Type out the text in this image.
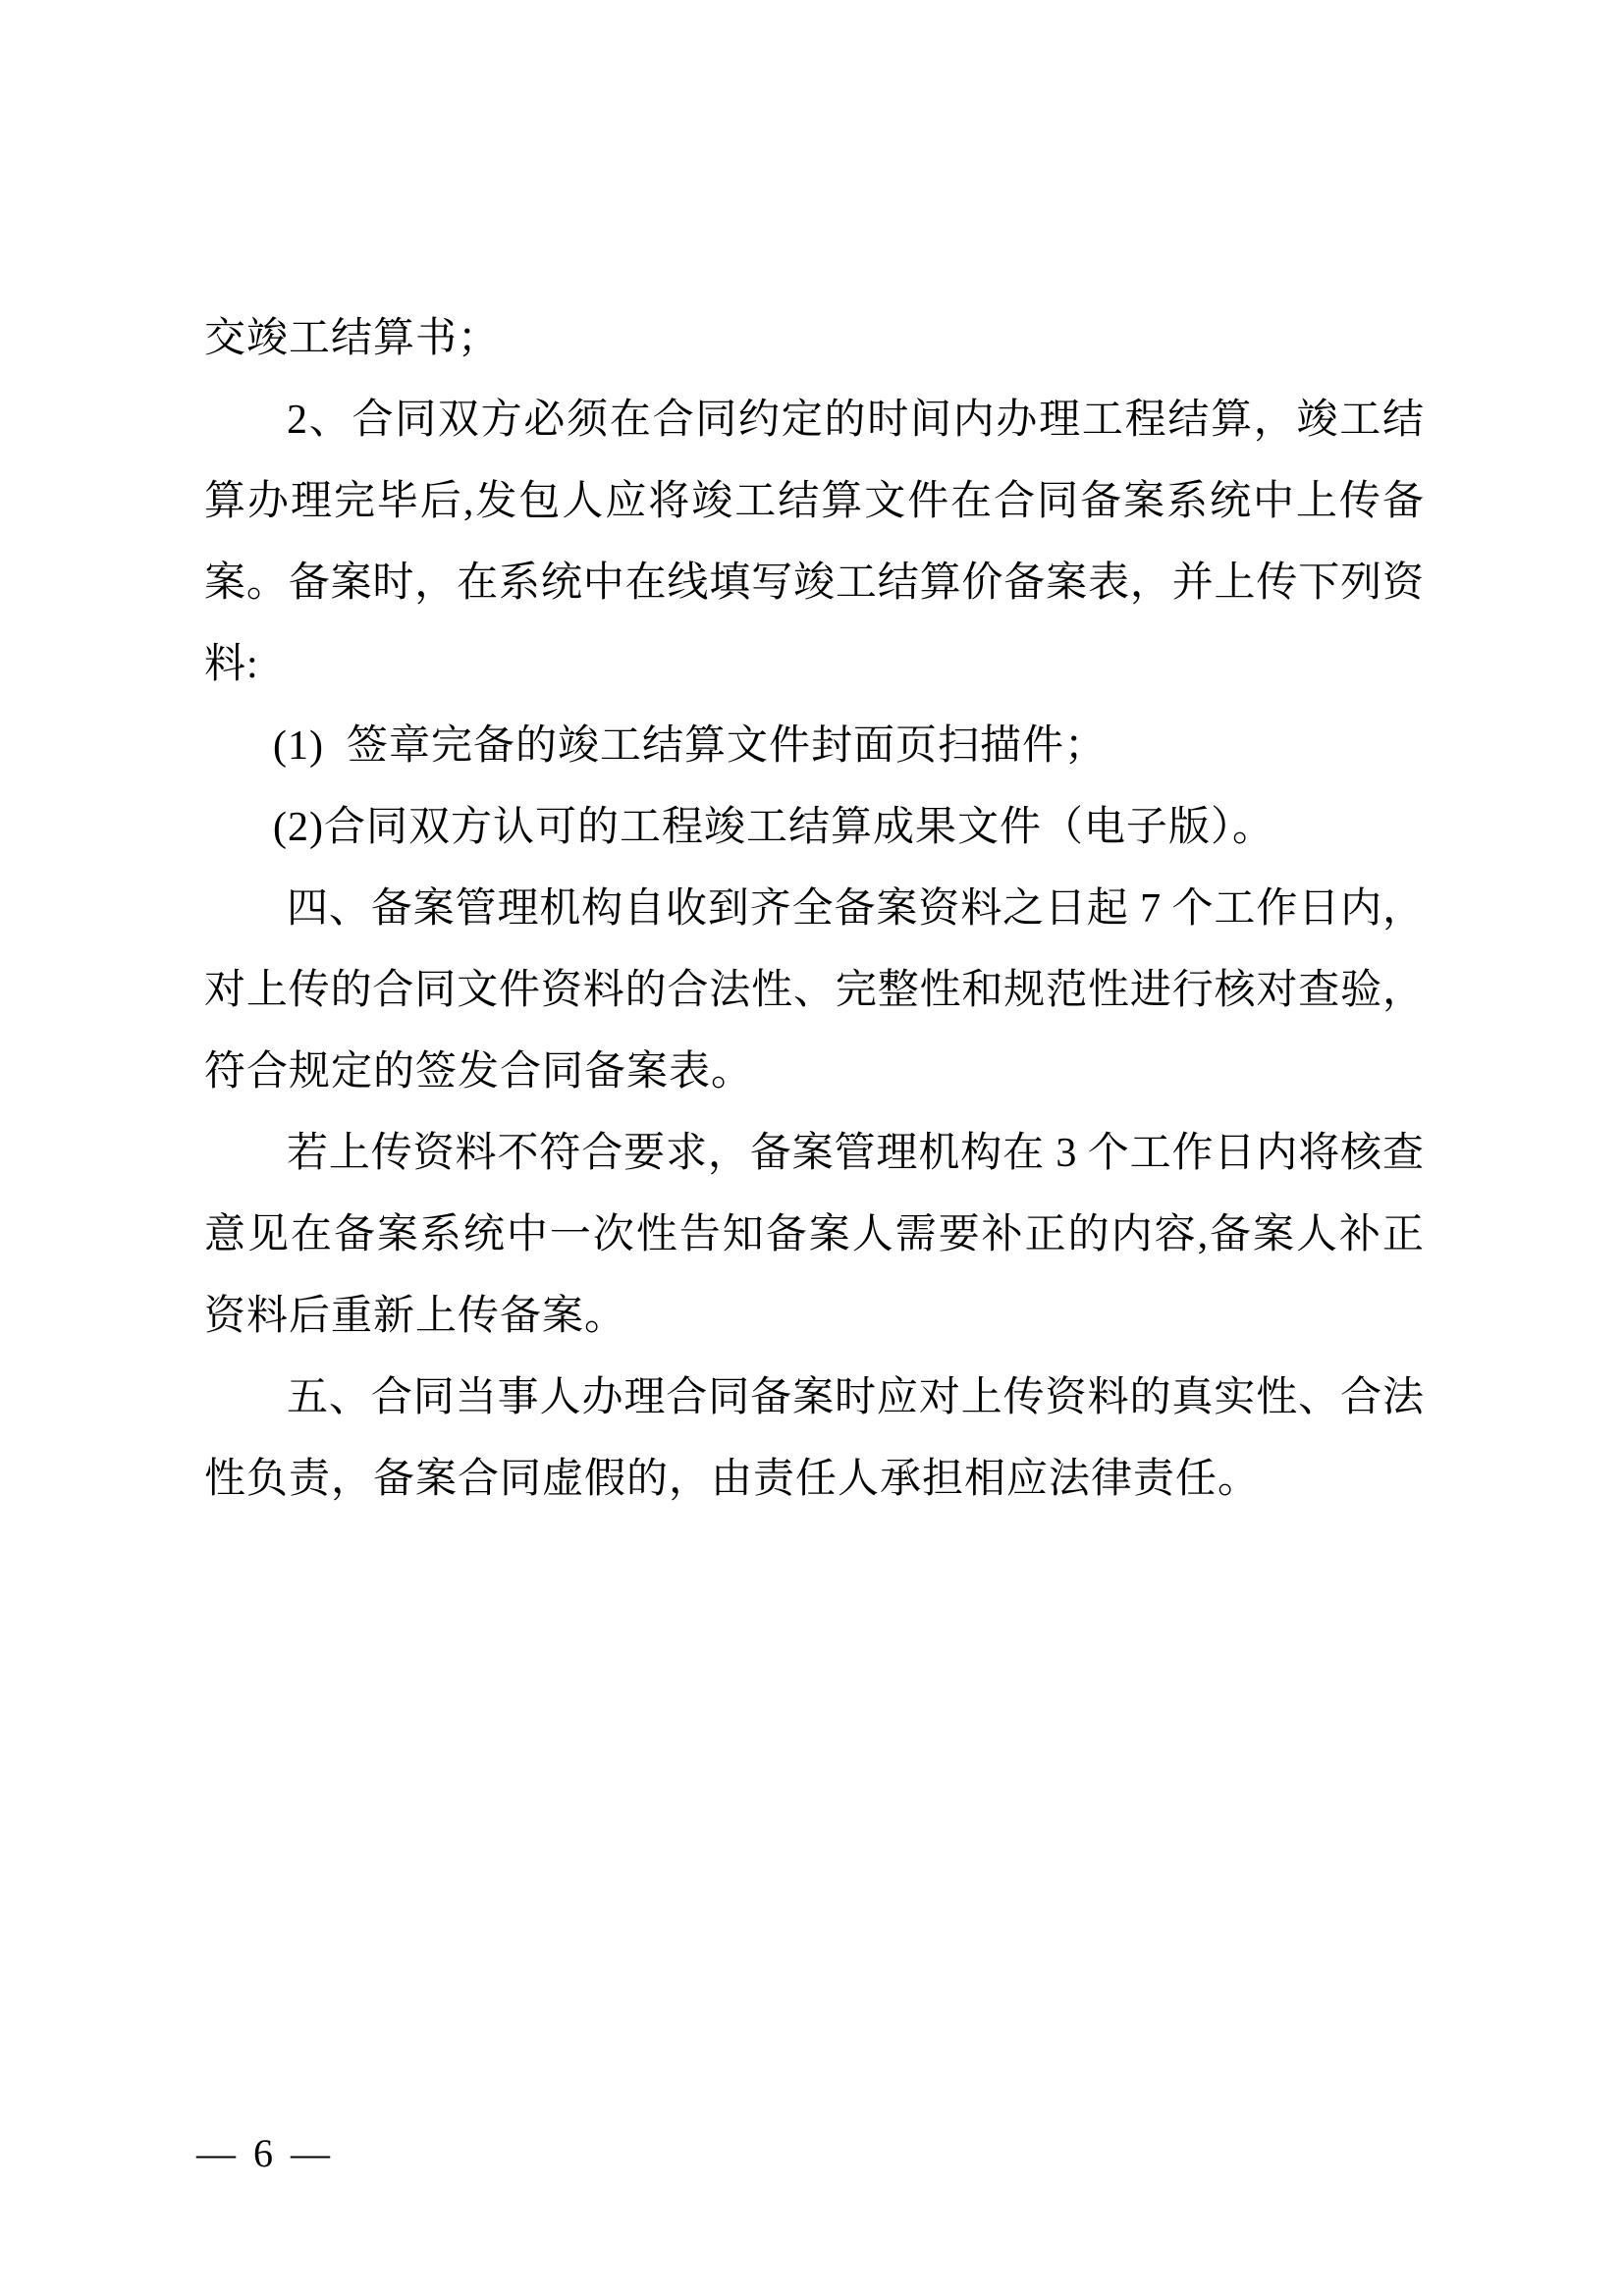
交竣工结算书；
2、合同双方必须在合同约定的时间内办理工程结算，竣工结
算办理完毕后,发包人应将竣工结算文件在合同备案系统中上传备
案。备案时，在系统中在线填写竣工结算价备案表，并上传下列资
料:
(1)  签章完备的竣工结算文件封面页扫描件；
(2)合同双方认可的工程竣工结算成果文件（电子版）。
四、备案管理机构自收到齐全备案资料之日起 7 个工作日内，
对上传的合同文件资料的合法性、完整性和规范性进行核对查验，
符合规定的签发合同备案表。
若上传资料不符合要求，备案管理机构在 3 个工作日内将核查
意见在备案系统中一次性告知备案人需要补正的内容,备案人补正
资料后重新上传备案。
五、合同当事人办理合同备案时应对上传资料的真实性、合法
性负责，备案合同虚假的，由责任人承担相应法律责任。
— 6 —
